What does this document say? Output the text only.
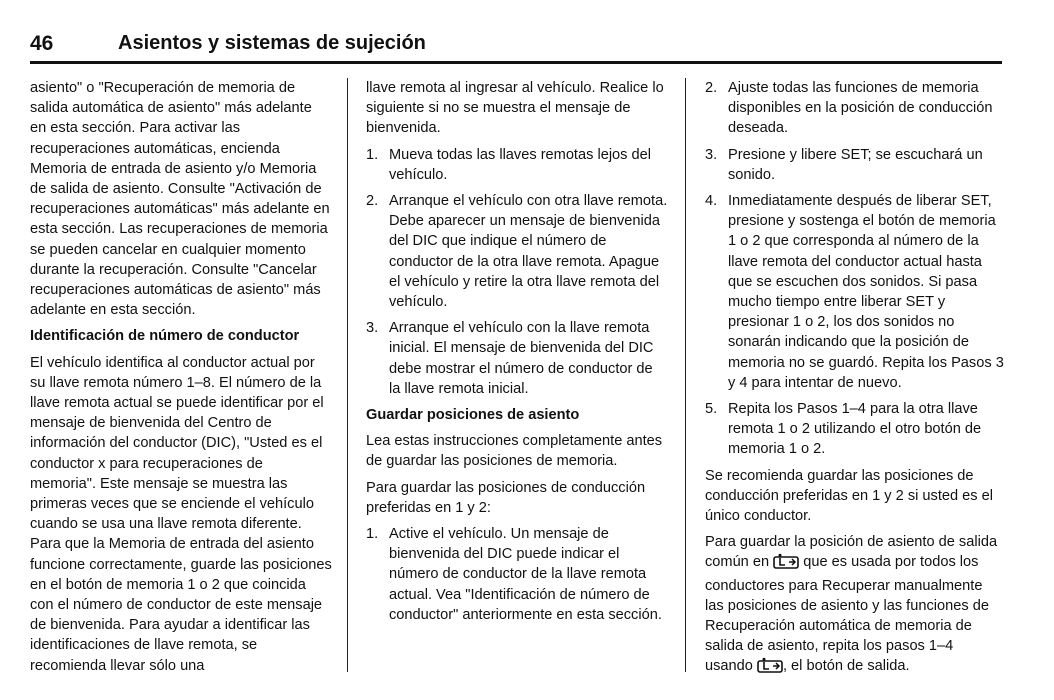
46	Asientos y sistemas de sujeción

asiento" o "Recuperación de memoria de salida automática de asiento" más adelante en esta sección. Para activar las recuperaciones automáticas, encienda Memoria de entrada de asiento y/o Memoria de salida de asiento. Consulte "Activación de recuperaciones automáticas" más adelante en esta sección. Las recuperaciones de memoria se pueden cancelar en cualquier momento durante la recuperación. Consulte "Cancelar recuperaciones automáticas de asiento" más adelante en esta sección.

Identificación de número de conductor

El vehículo identifica al conductor actual por su llave remota número 1–8. El número de la llave remota actual se puede identificar por el mensaje de bienvenida del Centro de información del conductor (DIC), "Usted es el conductor x para recuperaciones de memoria". Este mensaje se muestra las primeras veces que se enciende el vehículo cuando se usa una llave remota diferente. Para que la Memoria de entrada del asiento funcione correctamente, guarde las posiciones en el botón de memoria 1 o 2 que coincida con el número de conductor de este mensaje de bienvenida. Para ayudar a identificar las identificaciones de llave remota, se recomienda llevar sólo una

llave remota al ingresar al vehículo. Realice lo siguiente si no se muestra el mensaje de bienvenida.

1. Mueva todas las llaves remotas lejos del vehículo.
2. Arranque el vehículo con otra llave remota. Debe aparecer un mensaje de bienvenida del DIC que indique el número de conductor de la otra llave remota. Apague el vehículo y retire la otra llave remota del vehículo.
3. Arranque el vehículo con la llave remota inicial. El mensaje de bienvenida del DIC debe mostrar el número de conductor de la llave remota inicial.

Guardar posiciones de asiento

Lea estas instrucciones completamente antes de guardar las posiciones de memoria.

Para guardar las posiciones de conducción preferidas en 1 y 2:

1. Active el vehículo. Un mensaje de bienvenida del DIC puede indicar el número de conductor de la llave remota actual. Vea "Identificación de número de conductor" anteriormente en esta sección.
2. Ajuste todas las funciones de memoria disponibles en la posición de conducción deseada.
3. Presione y libere SET; se escuchará un sonido.
4. Inmediatamente después de liberar SET, presione y sostenga el botón de memoria 1 o 2 que corresponda al número de la llave remota del conductor actual hasta que se escuchen dos sonidos. Si pasa mucho tiempo entre liberar SET y presionar 1 o 2, los dos sonidos no sonarán indicando que la posición de memoria no se guardó. Repita los Pasos 3 y 4 para intentar de nuevo.
5. Repita los Pasos 1–4 para la otra llave remota 1 o 2 utilizando el otro botón de memoria 1 o 2.

Se recomienda guardar las posiciones de conducción preferidas en 1 y 2 si usted es el único conductor.

Para guardar la posición de asiento de salida común en que es usada por todos los conductores para Recuperar manualmente las posiciones de asiento y las funciones de Recuperación automática de memoria de salida de asiento, repita los pasos 1–4 usando , el botón de salida.
